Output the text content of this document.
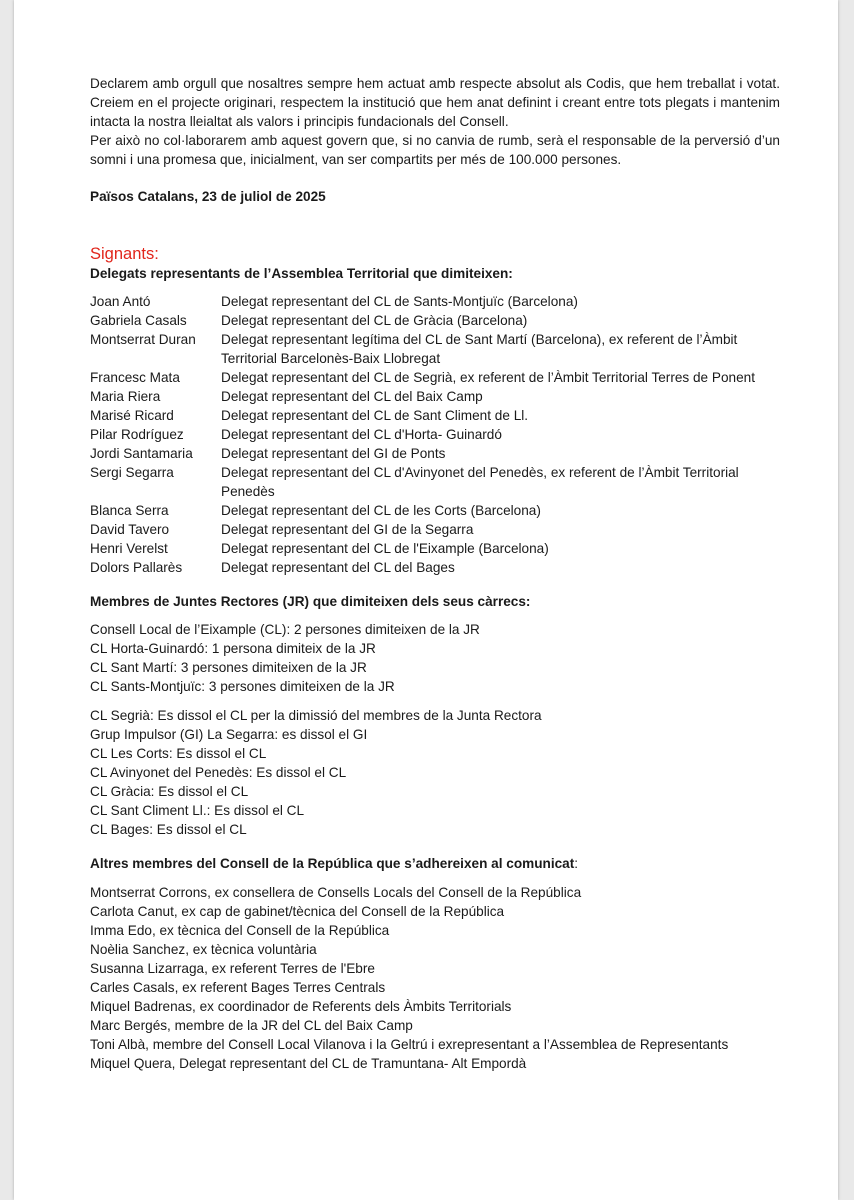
Declarem amb orgull que nosaltres sempre hem actuat amb respecte absolut als Codis, que hem treballat i votat. Creiem en el projecte originari, respectem la institució que hem anat definint i creant entre tots plegats i mantenim intacta la nostra lleialtat als valors i principis fundacionals del Consell.

Per això no col·laborarem amb aquest govern que, si no canvia de rumb, serà el responsable de la perversió d’un somni i una promesa que, inicialment, van ser compartits per més de 100.000 persones.

Països Catalans, 23 de juliol de 2025
Signants:
Delegats representants de l’Assemblea Territorial que dimiteixen:
Joan Antó	Delegat representant del CL de Sants-Montjuïc (Barcelona)
Gabriela Casals	Delegat representant del CL de Gràcia (Barcelona)
Montserrat Duran	Delegat representant legítima del CL de Sant Martí (Barcelona), ex referent de l’Àmbit Territorial Barcelonès-Baix Llobregat
Francesc Mata	Delegat representant del CL de Segrià, ex referent de l’Àmbit Territorial Terres de Ponent
Maria Riera	Delegat representant del CL del Baix Camp
Marisé Ricard	Delegat representant del CL de Sant Climent de Ll.
Pilar Rodríguez	Delegat representant del CL d'Horta- Guinardó
Jordi Santamaria	Delegat representant del GI de Ponts
Sergi Segarra	Delegat representant del CL d'Avinyonet del Penedès, ex referent de l’Àmbit Territorial Penedès
Blanca Serra	Delegat representant del CL de les Corts (Barcelona)
David Tavero	Delegat representant del GI de la Segarra
Henri Verelst	Delegat representant del CL de l'Eixample (Barcelona)
Dolors Pallarès	Delegat representant del CL del Bages
Membres de Juntes Rectores (JR) que dimiteixen dels seus càrrecs:
Consell Local de l’Eixample (CL): 2 persones dimiteixen de la JR
CL Horta-Guinardó: 1 persona dimiteix de la JR
CL Sant Martí: 3 persones dimiteixen de la JR
CL Sants-Montjuïc: 3 persones dimiteixen de la JR
CL Segrià: Es dissol el CL per la dimissió del membres de la Junta Rectora
Grup Impulsor (GI) La Segarra: es dissol el GI
CL Les Corts: Es dissol el CL
CL Avinyonet del Penedès: Es dissol el CL
CL Gràcia: Es dissol el CL
CL Sant Climent Ll.: Es dissol el CL
CL Bages: Es dissol el CL
Altres membres del Consell de la República que s’adhereixen al comunicat:
Montserrat Corrons, ex consellera de Consells Locals del Consell de la República
Carlota Canut, ex cap de gabinet/tècnica del Consell de la República
Imma Edo, ex tècnica del Consell de la República
Noèlia Sanchez, ex tècnica voluntària
Susanna Lizarraga, ex referent Terres de l'Ebre
Carles Casals, ex referent Bages Terres Centrals
Miquel Badrenas, ex coordinador de Referents dels Àmbits Territorials
Marc Bergés, membre de la JR del CL del Baix Camp
Toni Albà, membre del Consell Local Vilanova i la Geltrú i exrepresentant a l’Assemblea de Representants
Miquel Quera, Delegat representant del CL de Tramuntana- Alt Empordà
